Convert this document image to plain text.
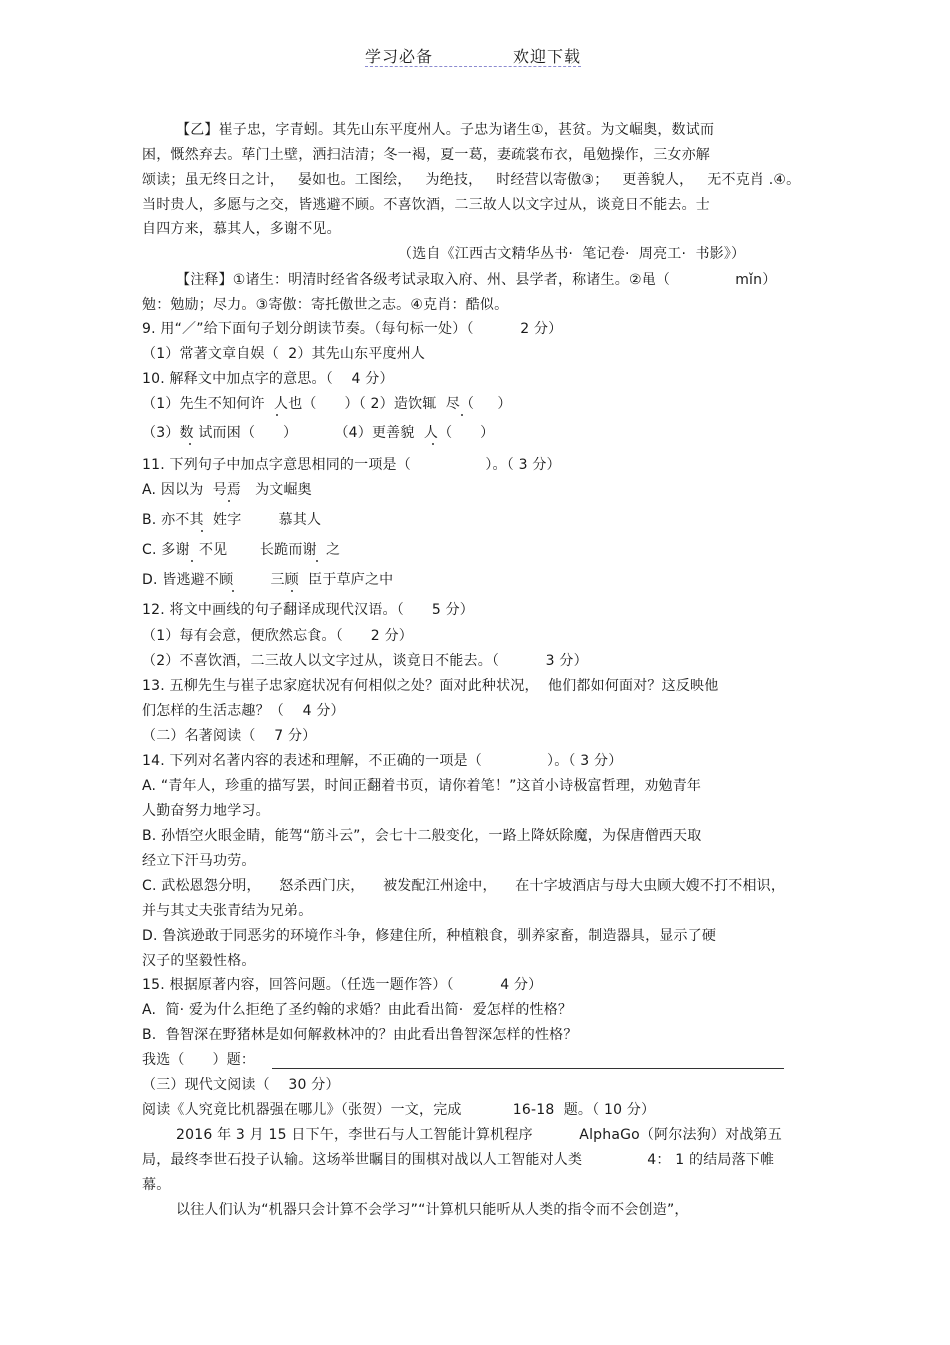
学习必备	欢迎下载
【乙】崔子忠，字青蚓。其先山东平度州人。子忠为诸生①，甚贫。为文崛奥，数试而
困，慨然弃去。荜门土壁，洒扫洁清；冬一褐，夏一葛，妻疏裳布衣，黾勉操作，三女亦解
颂读；虽无终日之计，   晏如也。工图绘，   为绝技，   时经营以寄傲③；   更善貌人，   无不克肖 .④。
当时贵人，多愿与之交，皆逃避不顾。不喜饮酒，二三故人以文字过从，谈竟日不能去。士
自四方来，慕其人，多谢不见。
（选自《江西古文精华丛书·  笔记卷·  周亮工·  书影》）
【注释】①诸生：明清时经省各级考试录取入府、州、县学者，称诸生。②黾（              mǐn）
勉：勉励；尽力。③寄傲：寄托傲世之志。④克肖：酷似。
9. 用“／”给下面句子划分朗读节奏。（每句标一处）（          2 分）
（1）常著文章自娱（  2）其先山东平度州人
10. 解释文中加点字的意思。（    4 分）
（1）先生不知何许  人也（      ）（ 2）造饮辄  尽（     ）
（3）数 试而困（      ）        （4）更善貌  人（      ）
11. 下列句子中加点字意思相同的一项是（                ）。（ 3 分）
A. 因以为  号焉   为文崛奥
B. 亦不其  姓字        慕其人
C. 多谢  不见       长跪而谢  之
D. 皆逃避不顾        三顾  臣于草庐之中
12. 将文中画线的句子翻译成现代汉语。（      5 分）
（1）每有会意，便欣然忘食。（      2 分）
（2）不喜饮酒，二三故人以文字过从，谈竟日不能去。（          3 分）
13. 五柳先生与崔子忠家庭状况有何相似之处？面对此种状况，  他们都如何面对？这反映他
们怎样的生活志趣？（    4 分）
（二）名著阅读（    7 分）
14. 下列对名著内容的表述和理解，不正确的一项是（              ）。（ 3 分）
A. “青年人，珍重的描写罢，时间正翻着书页，请你着笔！”这首小诗极富哲理，劝勉青年
人勤奋努力地学习。
B. 孙悟空火眼金睛，能驾“筋斗云”，会七十二般变化，一路上降妖除魔，为保唐僧西天取
经立下汗马功劳。
C. 武松恩怨分明，    怒杀西门庆，    被发配江州途中，    在十字坡酒店与母大虫顾大嫂不打不相识，
并与其丈夫张青结为兄弟。
D. 鲁滨逊敢于同恶劣的环境作斗争，修建住所，种植粮食，驯养家畜，制造器具，显示了硬
汉子的坚毅性格。
15. 根据原著内容，回答问题。（任选一题作答）（          4 分）
A.  简· 爱为什么拒绝了圣约翰的求婚？由此看出简·  爱怎样的性格？
B.  鲁智深在野猪林是如何解救林冲的？由此看出鲁智深怎样的性格？
我选（      ）题：
（三）现代文阅读（    30 分）
阅读《人究竟比机器强在哪儿》（张贺）一文，完成           16-18  题。（ 10 分）
2016 年 3 月 15 日下午，李世石与人工智能计算机程序          AlphaGo（阿尔法狗）对战第五
局，最终李世石投子认输。这场举世瞩目的围棋对战以人工智能对人类              4： 1 的结局落下帷
幕。
以往人们认为“机器只会计算不会学习”“计算机只能听从人类的指令而不会创造”，
